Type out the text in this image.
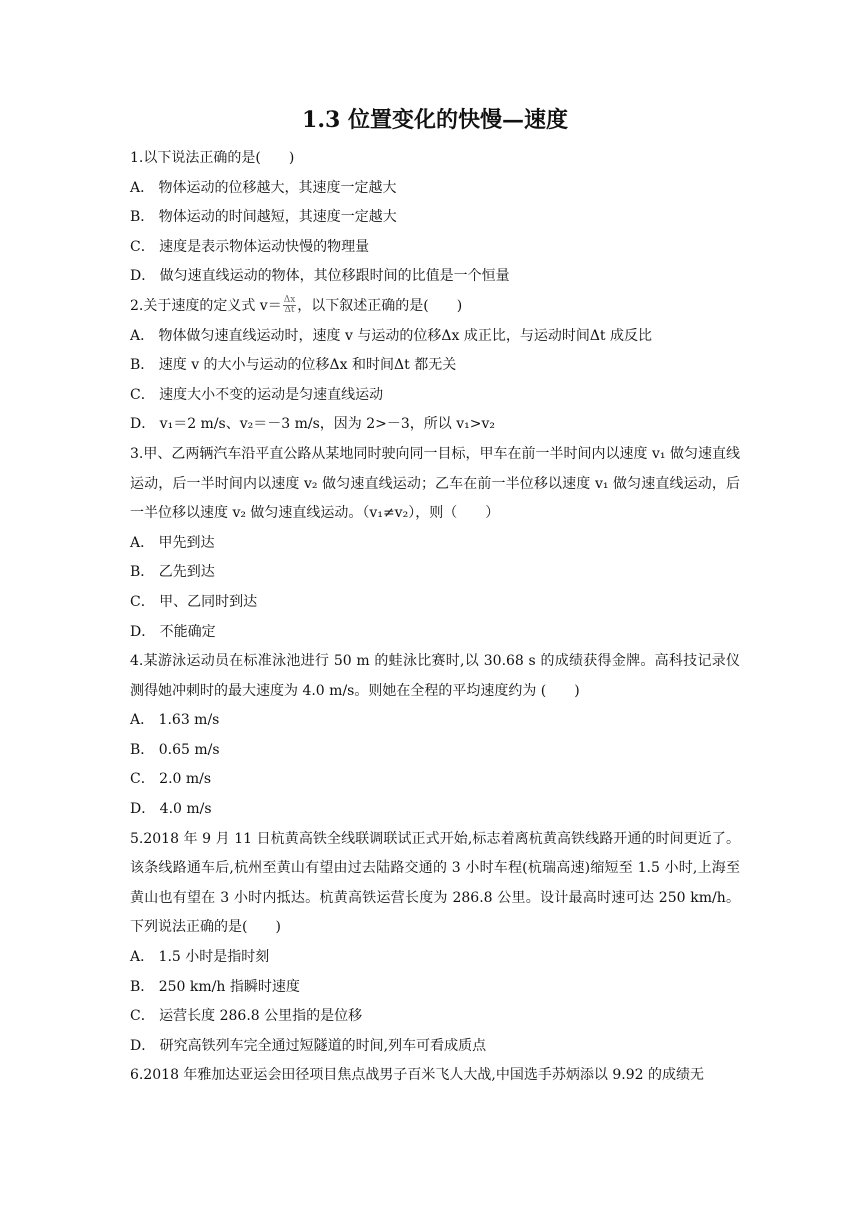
1.3 位置变化的快慢—速度

1.以下说法正确的是(　　)

A． 物体运动的位移越大，其速度一定越大

B． 物体运动的时间越短，其速度一定越大

C． 速度是表示物体运动快慢的物理量

D． 做匀速直线运动的物体，其位移跟时间的比值是一个恒量

2.关于速度的定义式 $v= \frac{\Delta x}{\Delta t}$ ，以下叙述正确的是(　　)

A． 物体做匀速直线运动时，速度 v 与运动的位移Δx 成正比，与运动时间Δt 成反比

B． 速度 v 的大小与运动的位移Δx 和时间Δt 都无关

C． 速度大小不变的运动是匀速直线运动

D． v₁＝2 m/s、v₂＝－3 m/s，因为 2>－3，所以 v₁>v₂

3.甲、乙两辆汽车沿平直公路从某地同时驶向同一目标，甲车在前一半时间内以速度 v₁ 做匀速直线运动，后一半时间内以速度 v₂ 做匀速直线运动；乙车在前一半位移以速度 v₁ 做匀速直线运动，后一半位移以速度 v₂ 做匀速直线运动。（v₁≠v₂），则（　　）

A． 甲先到达

B． 乙先到达

C． 甲、乙同时到达

D． 不能确定

4.某游泳运动员在标准泳池进行 50 m 的蛙泳比赛时,以 30.68 s 的成绩获得金牌。高科技记录仪测得她冲刺时的最大速度为 4.0 m/s。则她在全程的平均速度约为 (　　)

A． 1.63 m/s

B． 0.65 m/s

C． 2.0 m/s

D． 4.0 m/s

5.2018 年 9 月 11 日杭黄高铁全线联调联试正式开始,标志着离杭黄高铁线路开通的时间更近了。该条线路通车后,杭州至黄山有望由过去陆路交通的 3 小时车程(杭瑞高速)缩短至 1.5 小时,上海至黄山也有望在 3 小时内抵达。杭黄高铁运营长度为 286.8 公里。设计最高时速可达 250 km/h。下列说法正确的是(　　)

A． 1.5 小时是指时刻

B． 250 km/h 指瞬时速度

C． 运营长度 286.8 公里指的是位移

D． 研究高铁列车完全通过短隧道的时间,列车可看成质点

6.2018 年雅加达亚运会田径项目焦点战男子百米飞人大战,中国选手苏炳添以 9.92 的成绩无
